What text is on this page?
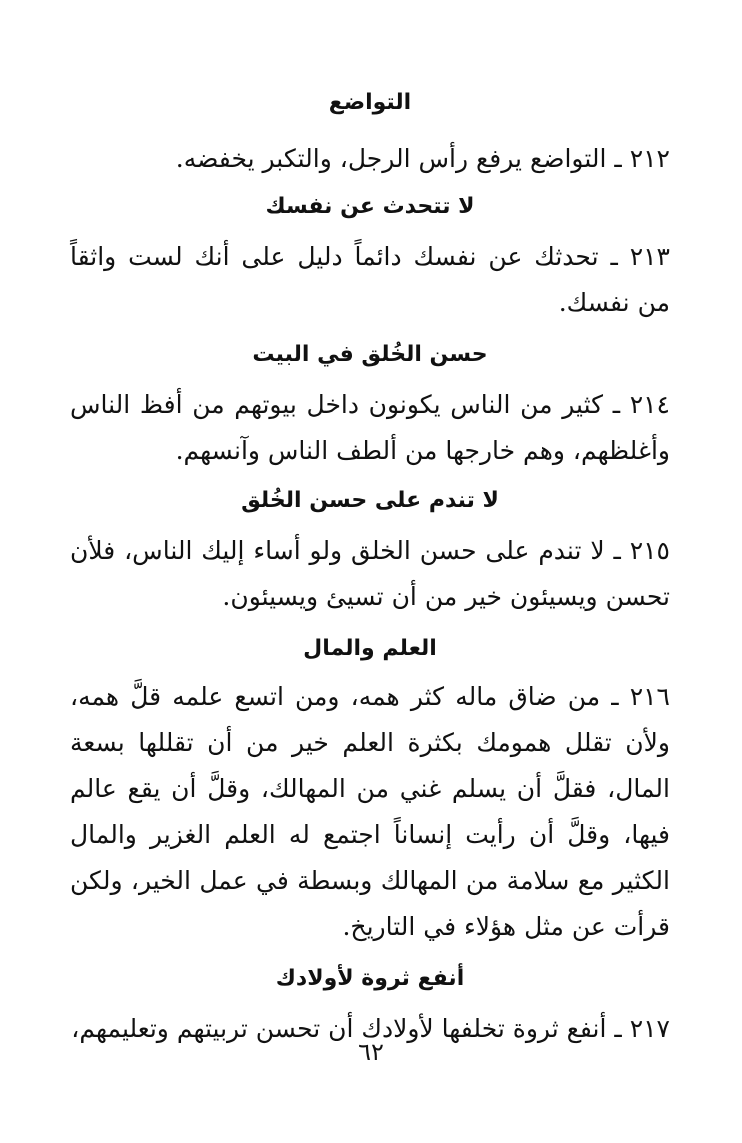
التواضع

٢١٢ ـ التواضع يرفع رأس الرجل، والتكبر يخفضه.

لا تتحدث عن نفسك

٢١٣ ـ تحدثك عن نفسك دائماً دليل على أنك لست واثقاً من نفسك.

حسن الخُلق في البيت

٢١٤ ـ كثير من الناس يكونون داخل بيوتهم من أفظ الناس وأغلظهم، وهم خارجها من ألطف الناس وآنسهم.

لا تندم على حسن الخُلق

٢١٥ ـ لا تندم على حسن الخلق ولو أساء إليك الناس، فلأن تحسن ويسيئون خير من أن تسيئ ويسيئون.

العلم والمال

٢١٦ ـ من ضاق ماله كثر همه، ومن اتسع علمه قلَّ همه، ولأن تقلل همومك بكثرة العلم خير من أن تقللها بسعة المال، فقلَّ أن يسلم غني من المهالك، وقلَّ أن يقع عالم فيها، وقلَّ أن رأيت إنساناً اجتمع له العلم الغزير والمال الكثير مع سلامة من المهالك وبسطة في عمل الخير، ولكن قرأت عن مثل هؤلاء في التاريخ.

أنفع ثروة لأولادك

٢١٧ ـ أنفع ثروة تخلفها لأولادك أن تحسن تربيتهم وتعليمهم،

٦٢
